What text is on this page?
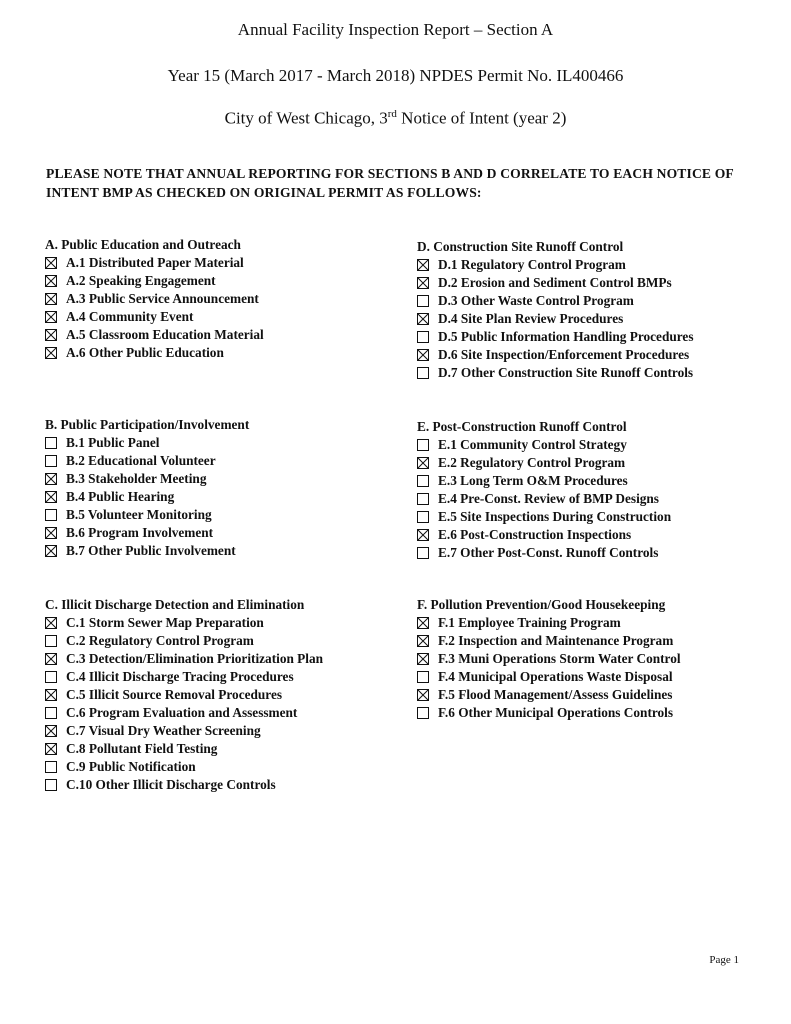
Annual Facility Inspection Report – Section A
Year 15 (March 2017 - March 2018) NPDES Permit No. IL400466
City of West Chicago, 3rd Notice of Intent (year 2)
PLEASE NOTE THAT ANNUAL REPORTING FOR SECTIONS B AND D CORRELATE TO EACH NOTICE OF INTENT BMP AS CHECKED ON ORIGINAL PERMIT AS FOLLOWS:
A. Public Education and Outreach
A.1 Distributed Paper Material
A.2 Speaking Engagement
A.3 Public Service Announcement
A.4 Community Event
A.5 Classroom Education Material
A.6 Other Public Education
D. Construction Site Runoff Control
D.1 Regulatory Control Program
D.2 Erosion and Sediment Control BMPs
D.3 Other Waste Control Program
D.4 Site Plan Review Procedures
D.5 Public Information Handling Procedures
D.6 Site Inspection/Enforcement Procedures
D.7 Other Construction Site Runoff Controls
B. Public Participation/Involvement
B.1 Public Panel
B.2 Educational Volunteer
B.3 Stakeholder Meeting
B.4 Public Hearing
B.5 Volunteer Monitoring
B.6 Program Involvement
B.7 Other Public Involvement
E. Post-Construction Runoff Control
E.1 Community Control Strategy
E.2 Regulatory Control Program
E.3 Long Term O&M Procedures
E.4 Pre-Const. Review of BMP Designs
E.5 Site Inspections During Construction
E.6 Post-Construction Inspections
E.7 Other Post-Const. Runoff Controls
C. Illicit Discharge Detection and Elimination
C.1 Storm Sewer Map Preparation
C.2 Regulatory Control Program
C.3 Detection/Elimination Prioritization Plan
C.4 Illicit Discharge Tracing Procedures
C.5 Illicit Source Removal Procedures
C.6 Program Evaluation and Assessment
C.7 Visual Dry Weather Screening
C.8 Pollutant Field Testing
C.9 Public Notification
C.10 Other Illicit Discharge Controls
F. Pollution Prevention/Good Housekeeping
F.1 Employee Training Program
F.2 Inspection and Maintenance Program
F.3 Muni Operations Storm Water Control
F.4 Municipal Operations Waste Disposal
F.5 Flood Management/Assess Guidelines
F.6 Other Municipal Operations Controls
Page 1
